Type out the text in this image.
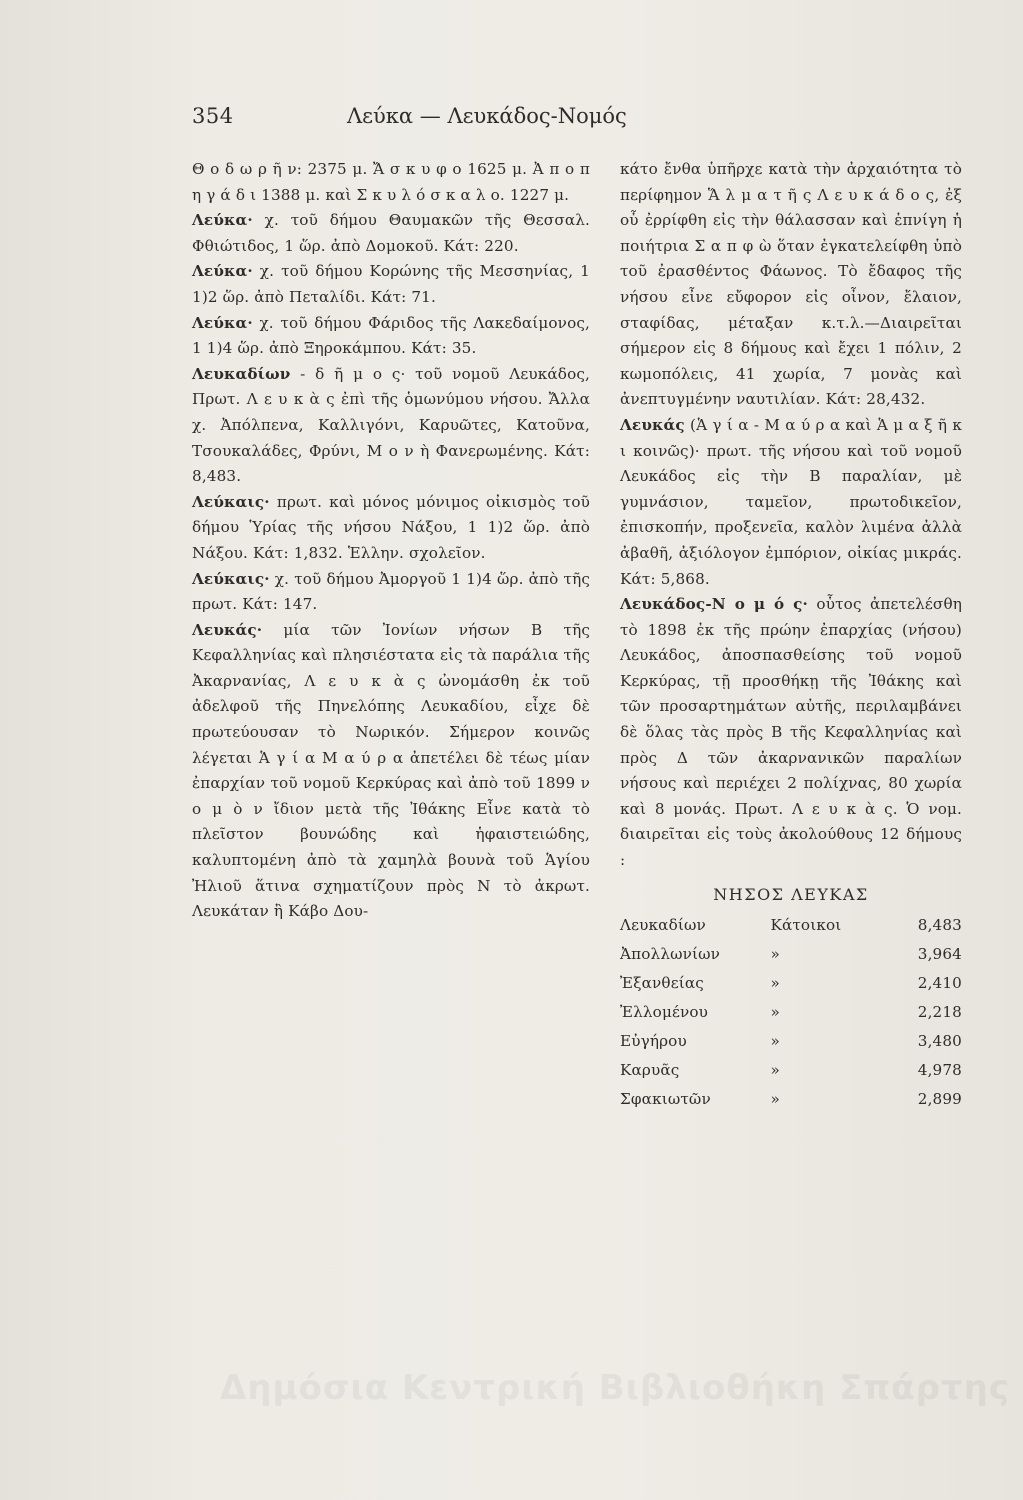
354	Λεύκα — Λευκάδος-Νομός

Θ ο δ ω ρ ῆ ν: 2375 μ. Ἄ σ κ υ φ ο 1625 μ. Ἀ π ο π η γ ά δ ι 1388 μ. καὶ Σ κ υ λ ό σ κ α λ ο. 1227 μ.

Λεύκα· χ. τοῦ δήμου Θαυμακῶν τῆς Θεσσαλ. Φθιώτιδος, 1 ὥρ. ἀπὸ Δομοκοῦ. Κάτ: 220.

Λεύκα· χ. τοῦ δήμου Κορώνης τῆς Μεσσηνίας, 1 1)2 ὥρ. ἀπὸ Πεταλίδι. Κάτ: 71.

Λεύκα· χ. τοῦ δήμου Φάριδος τῆς Λακεδαίμονος, 1 1)4 ὥρ. ἀπὸ Ξηροκάμπου. Κάτ: 35.

Λευκαδίων - δ ῆ μ ο ς· τοῦ νομοῦ Λευκάδος, Πρωτ. Λ ε υ κ ὰ ς ἐπὶ τῆς ὁμωνύμου νήσου. Ἄλλα χ. Ἀπόλπενα, Καλλιγόνι, Καρυῶτες, Κατοῦνα, Τσουκαλάδες, Φρύνι, Μ ο ν ὴ Φανερωμένης. Κάτ: 8,483.

Λεύκαις· πρωτ. καὶ μόνος μόνιμος οἰκισμὸς τοῦ δήμου Ὑρίας τῆς νήσου Νάξου, 1 1)2 ὥρ. ἀπὸ Νάξου. Κάτ: 1,832. Ἑλλην. σχολεῖον.

Λεύκαις· χ. τοῦ δήμου Ἀμοργοῦ 1 1)4 ὥρ. ἀπὸ τῆς πρωτ. Κάτ: 147.

Λευκάς· μία τῶν Ἰονίων νήσων Β τῆς Κεφαλληνίας καὶ πλησιέστατα εἰς τὰ παράλια τῆς Ἀκαρνανίας, Λ ε υ κ ὰ ς ὠνομάσθη ἐκ τοῦ ἀδελφοῦ τῆς Πηνελόπης Λευκαδίου, εἶχε δὲ πρωτεύουσαν τὸ Νωρικόν. Σήμερον κοινῶς λέγεται Ἁ γ ί α Μ α ύ ρ α ἀπετέλει δὲ τέως μίαν ἐπαρχίαν τοῦ νομοῦ Κερκύρας καὶ ἀπὸ τοῦ 1899 ν ο μ ὸ ν ἴδιον μετὰ τῆς Ἰθάκης Εἶνε κατὰ τὸ πλεῖστον βουνώδης καὶ ἡφαιστειώδης, καλυπτομένη ἀπὸ τὰ χαμηλὰ βουνὰ τοῦ Ἁγίου Ἠλιοῦ ἅτινα σχηματίζουν πρὸς Ν τὸ ἀκρωτ. Λευκάταν ἢ Κάβο Δου-

κάτο ἔνθα ὑπῆρχε κατὰ τὴν ἀρχαιότητα τὸ περίφημον Ἅ λ μ α τ ῆ ς Λ ε υ κ ά δ ο ς, ἐξ οὗ ἐρρίφθη εἰς τὴν θάλασσαν καὶ ἐπνίγη ἡ ποιήτρια Σ α π φ ὼ ὅταν ἐγκατελείφθη ὑπὸ τοῦ ἐρασθέντος Φάωνος. Τὸ ἔδαφος τῆς νήσου εἶνε εὔφορον εἰς οἶνον, ἔλαιον, σταφίδας, μέταξαν κ.τ.λ.—Διαιρεῖται σήμερον εἰς 8 δήμους καὶ ἔχει 1 πόλιν, 2 κωμοπόλεις, 41 χωρία, 7 μονὰς καὶ ἀνεπτυγμένην ναυτιλίαν. Κάτ: 28,432.

Λευκάς (Ἁ γ ί α - Μ α ύ ρ α καὶ Ἁ μ α ξ ῆ κ ι κοινῶς)· πρωτ. τῆς νήσου καὶ τοῦ νομοῦ Λευκάδος εἰς τὴν Β παραλίαν, μὲ γυμνάσιον, ταμεῖον, πρωτοδικεῖον, ἐπισκοπήν, προξενεῖα, καλὸν λιμένα ἀλλὰ ἀβαθῆ, ἀξιόλογον ἐμπόριον, οἰκίας μικράς. Κάτ: 5,868.

Λευκάδος-Ν ο μ ό ς· οὗτος ἀπετελέσθη τὸ 1898 ἐκ τῆς πρώην ἐπαρχίας (νήσου) Λευκάδος, ἀποσπασθείσης τοῦ νομοῦ Κερκύρας, τῇ προσθήκῃ τῆς Ἰθάκης καὶ τῶν προσαρτημάτων αὐτῆς, περιλαμβάνει δὲ ὅλας τὰς πρὸς Β τῆς Κεφαλληνίας καὶ πρὸς Δ τῶν ἀκαρνανικῶν παραλίων νήσους καὶ περιέχει 2 πολίχνας, 80 χωρία καὶ 8 μονάς. Πρωτ. Λ ε υ κ ὰ ς. Ὁ νομ. διαιρεῖται εἰς τοὺς ἀκολούθους 12 δήμους :

ΝΗΣΟΣ ΛΕΥΚΑΣ
Λευκαδίων	Κάτοικοι	8,483
Ἀπολλωνίων	»	3,964
Ἐξανθείας	»	2,410
Ἐλλομένου	»	2,218
Εὐγήρου	»	3,480
Καρυᾶς	»	4,978
Σφακιωτῶν	»	2,899
Δημόσια Κεντρική Βιβλιοθήκη Σπάρτης
